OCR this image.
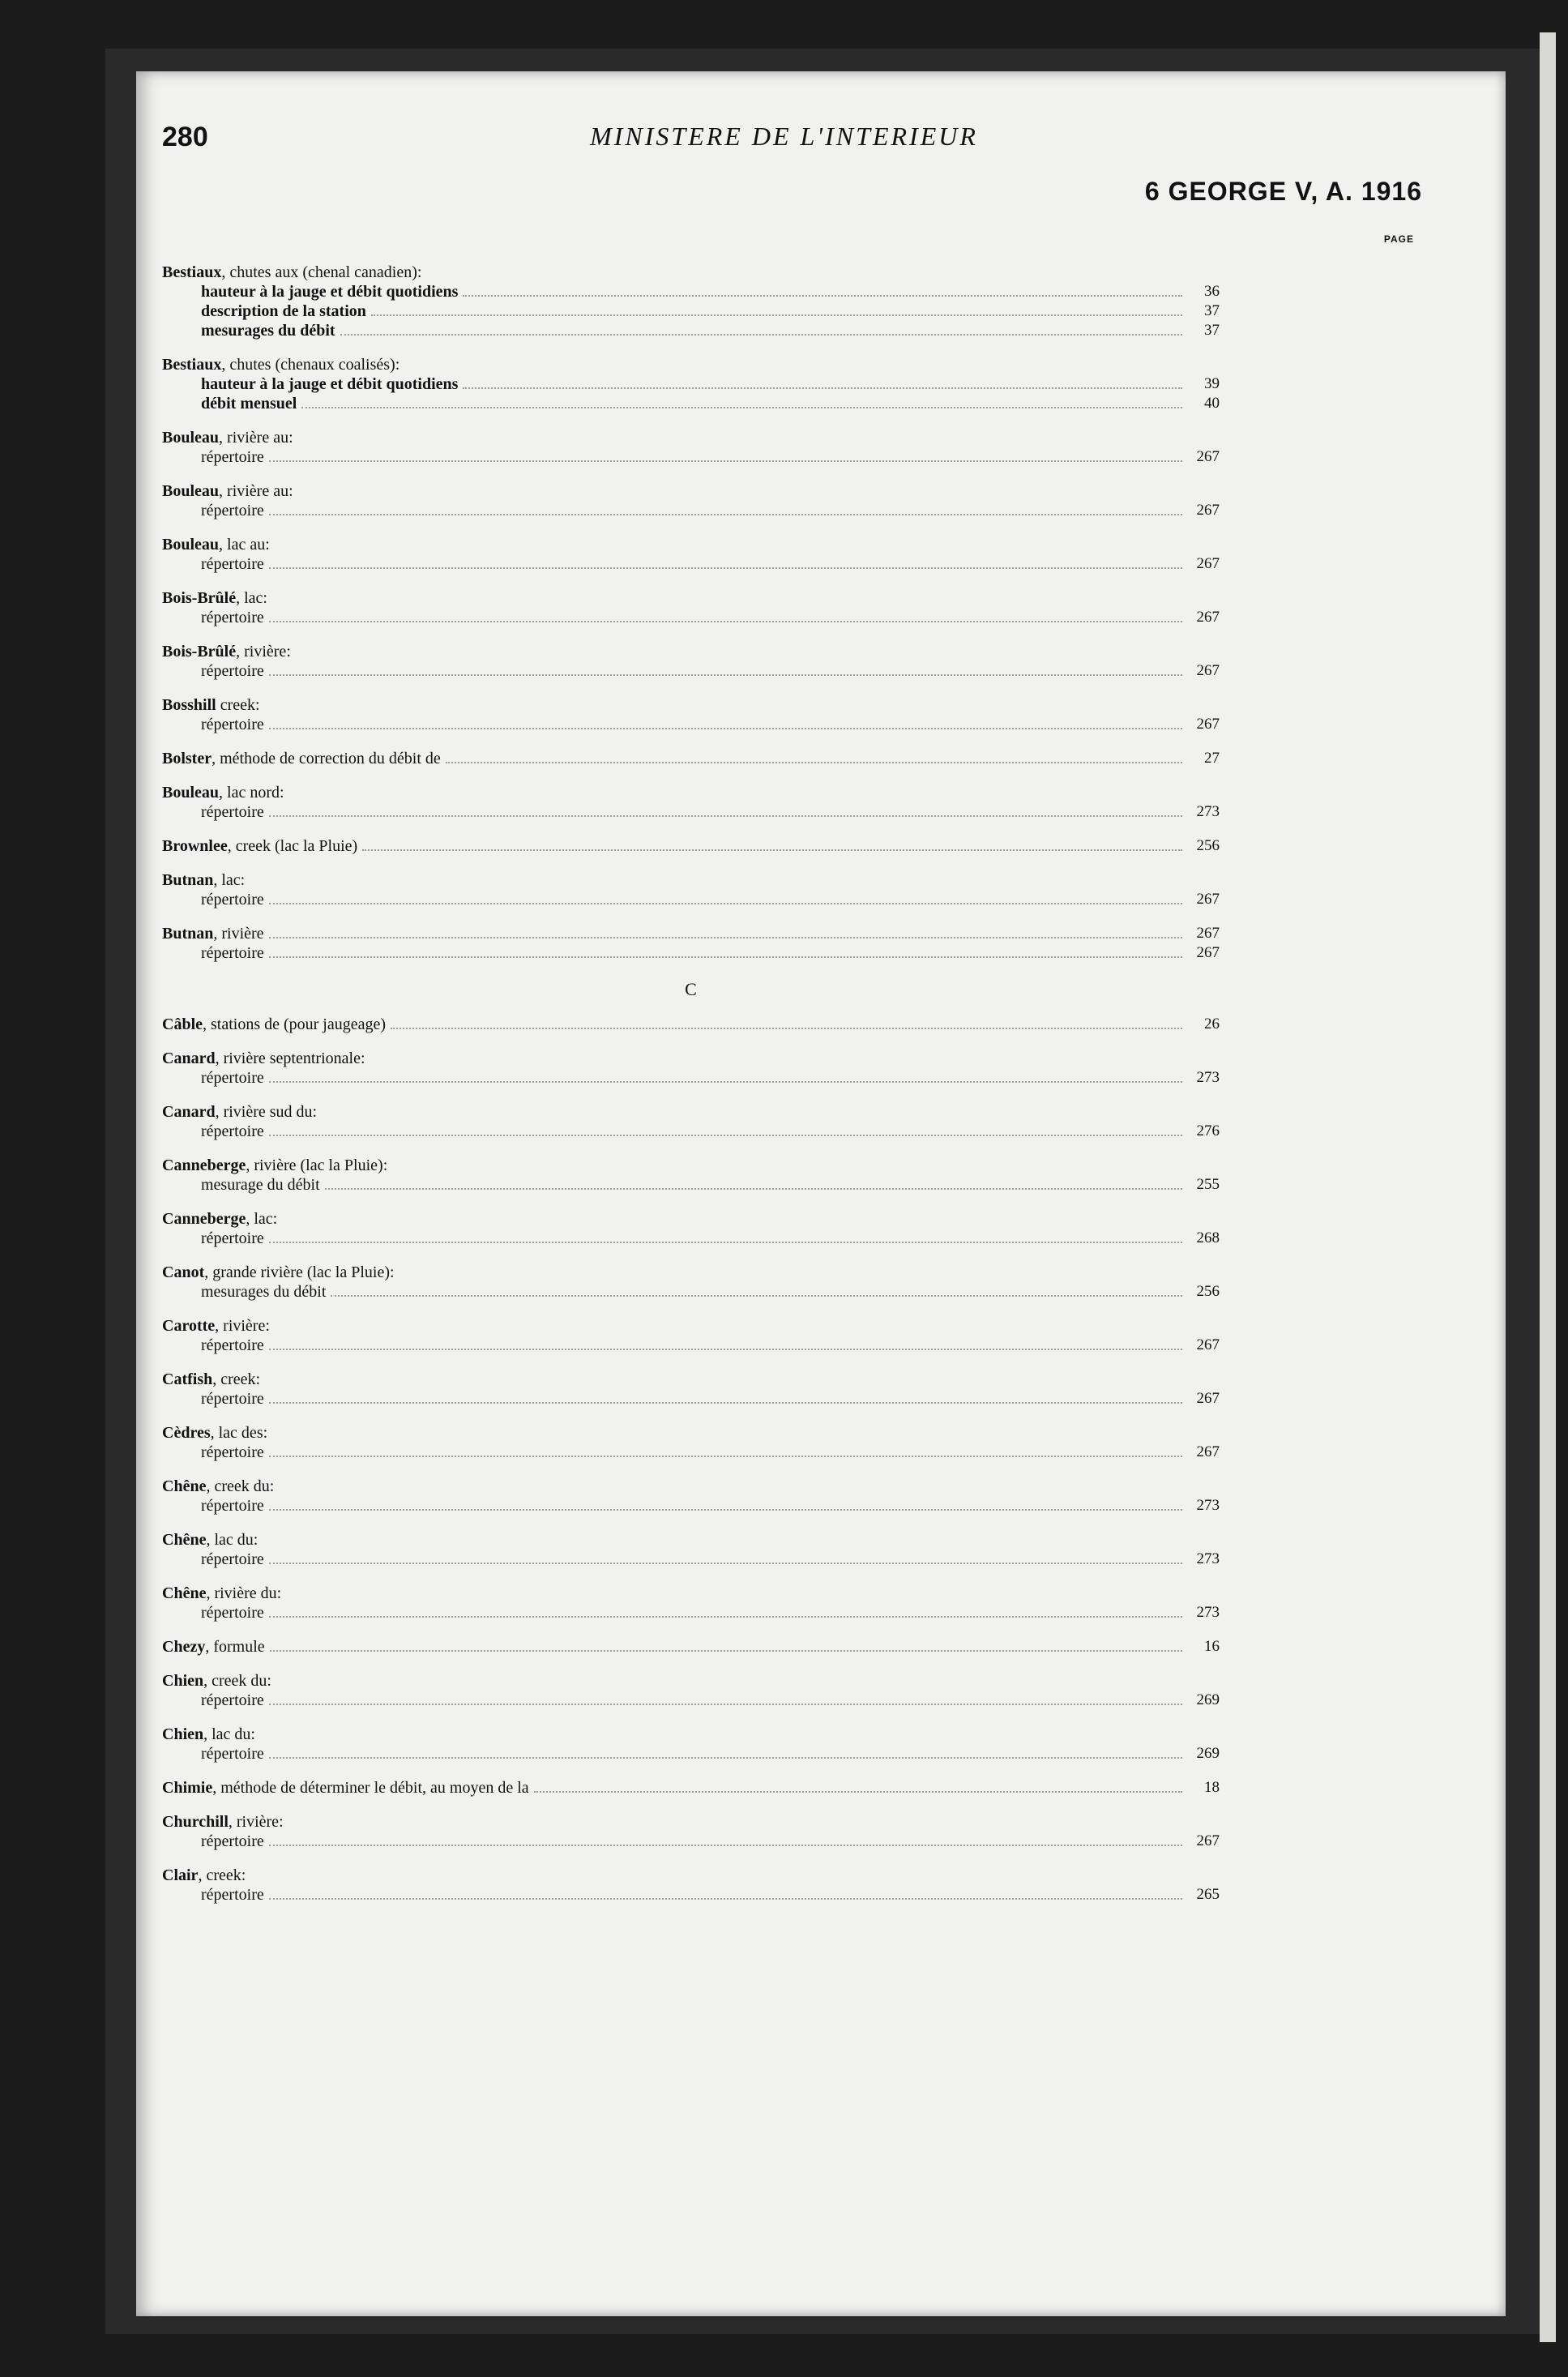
280	MINISTERE DE L'INTERIEUR
6 GEORGE V, A. 1916
PAGE
Bestiaux, chutes aux (chenal canadien):
hauteur à la jauge et débit quotidiens	36
description de la station	37
mesurages du débit	37
Bestiaux, chutes (chenaux coalisés):
hauteur à la jauge et débit quotidiens	39
débit mensuel	40
Bouleau, rivière au:
répertoire	267
Bouleau, rivière au:
répertoire	267
Bouleau, lac au:
répertoire	267
Bois-Brûlé, lac:
répertoire	267
Bois-Brûlé, rivière:
répertoire	267
Bosshill creek:
répertoire	267
Bolster, méthode de correction du débit de	27
Bouleau, lac nord:
répertoire	273
Brownlee, creek (lac la Pluie)	256
Butnan, lac:
répertoire	267
Butnan, rivière	267
répertoire	267
C
Câble, stations de (pour jaugeage)	26
Canard, rivière septentrionale:
répertoire	273
Canard, rivière sud du:
répertoire	276
Canneberge, rivière (lac la Pluie):
mesurage du débit	255
Canneberge, lac:
répertoire	268
Canot, grande rivière (lac la Pluie):
mesurages du débit	256
Carotte, rivière:
répertoire	267
Catfish, creek:
répertoire	267
Cèdres, lac des:
répertoire	267
Chêne, creek du:
répertoire	273
Chêne, lac du:
répertoire	273
Chêne, rivière du:
répertoire	273
Chezy, formule	16
Chien, creek du:
répertoire	269
Chien, lac du:
répertoire	269
Chimie, méthode de déterminer le débit, au moyen de la	18
Churchill, rivière:
répertoire	267
Clair, creek:
répertoire	265
